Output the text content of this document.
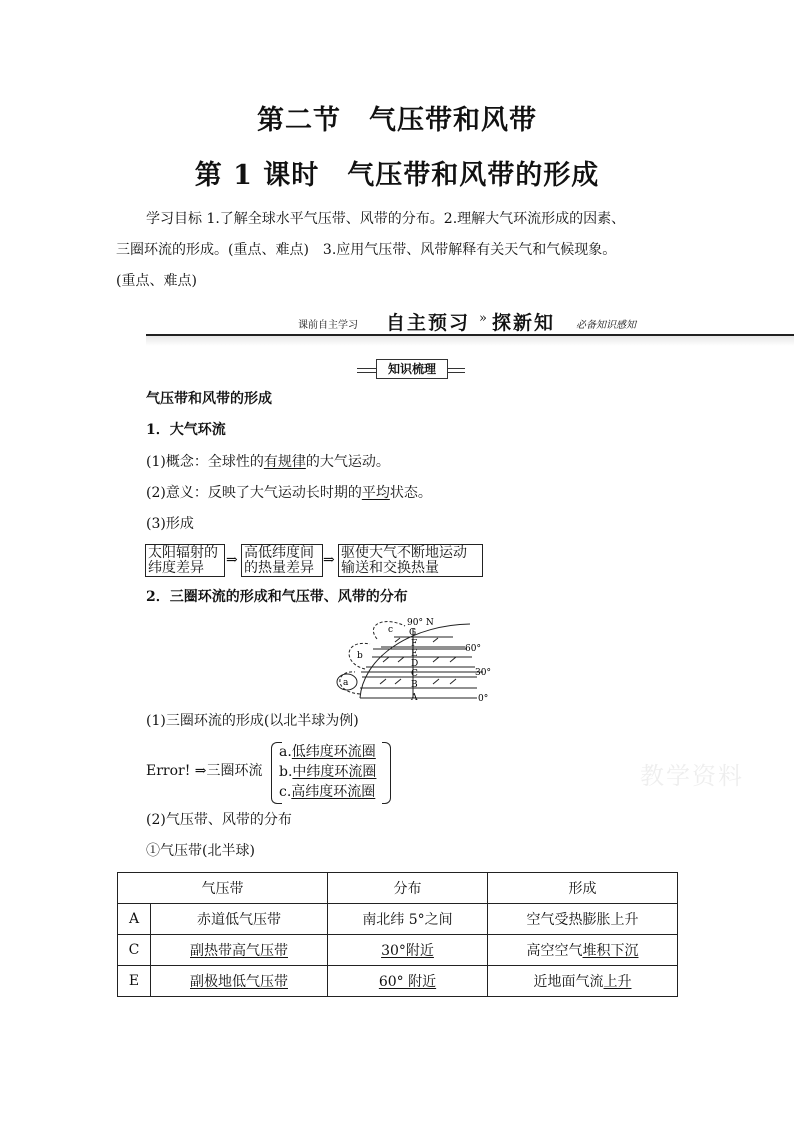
第二节　气压带和风带
第 1 课时　气压带和风带的形成
学习目标 1.了解全球水平气压带、风带的分布。2.理解大气环流形成的因素、
三圈环流的形成。(重点、难点)　3.应用气压带、风带解释有关天气和气候现象。
(重点、难点)
课前自主学习 自主预习 » 探新知 必备知识感知
知识梳理
气压带和风带的形成
1．大气环流
(1)概念：全球性的有规律的大气运动。
(2)意义：反映了大气运动长时期的平均状态。
(3)形成
太阳辐射的
纬度差异	⇒ 高低纬度间
的热量差异 ⇒ 驱使大气不断地运动
输送和交换热量
2．三圈环流的形成和气压带、风带的分布
90° N
60°
30°
0°
G
F
E
D
C
B
A
c
b
a
(1)三圈环流的形成(以北半球为例)
Error! ⇒三圈环流
a.低纬度环流圈
b.中纬度环流圈
c.高纬度环流圈
教学资料
(2)气压带、风带的分布
①气压带(北半球)
气压带		分布	形成
A	赤道低气压带	南北纬 5°之间	空气受热膨胀上升
C	副热带高气压带	30°附近	高空空气堆积下沉
E	副极地低气压带	60° 附近	近地面气流上升
